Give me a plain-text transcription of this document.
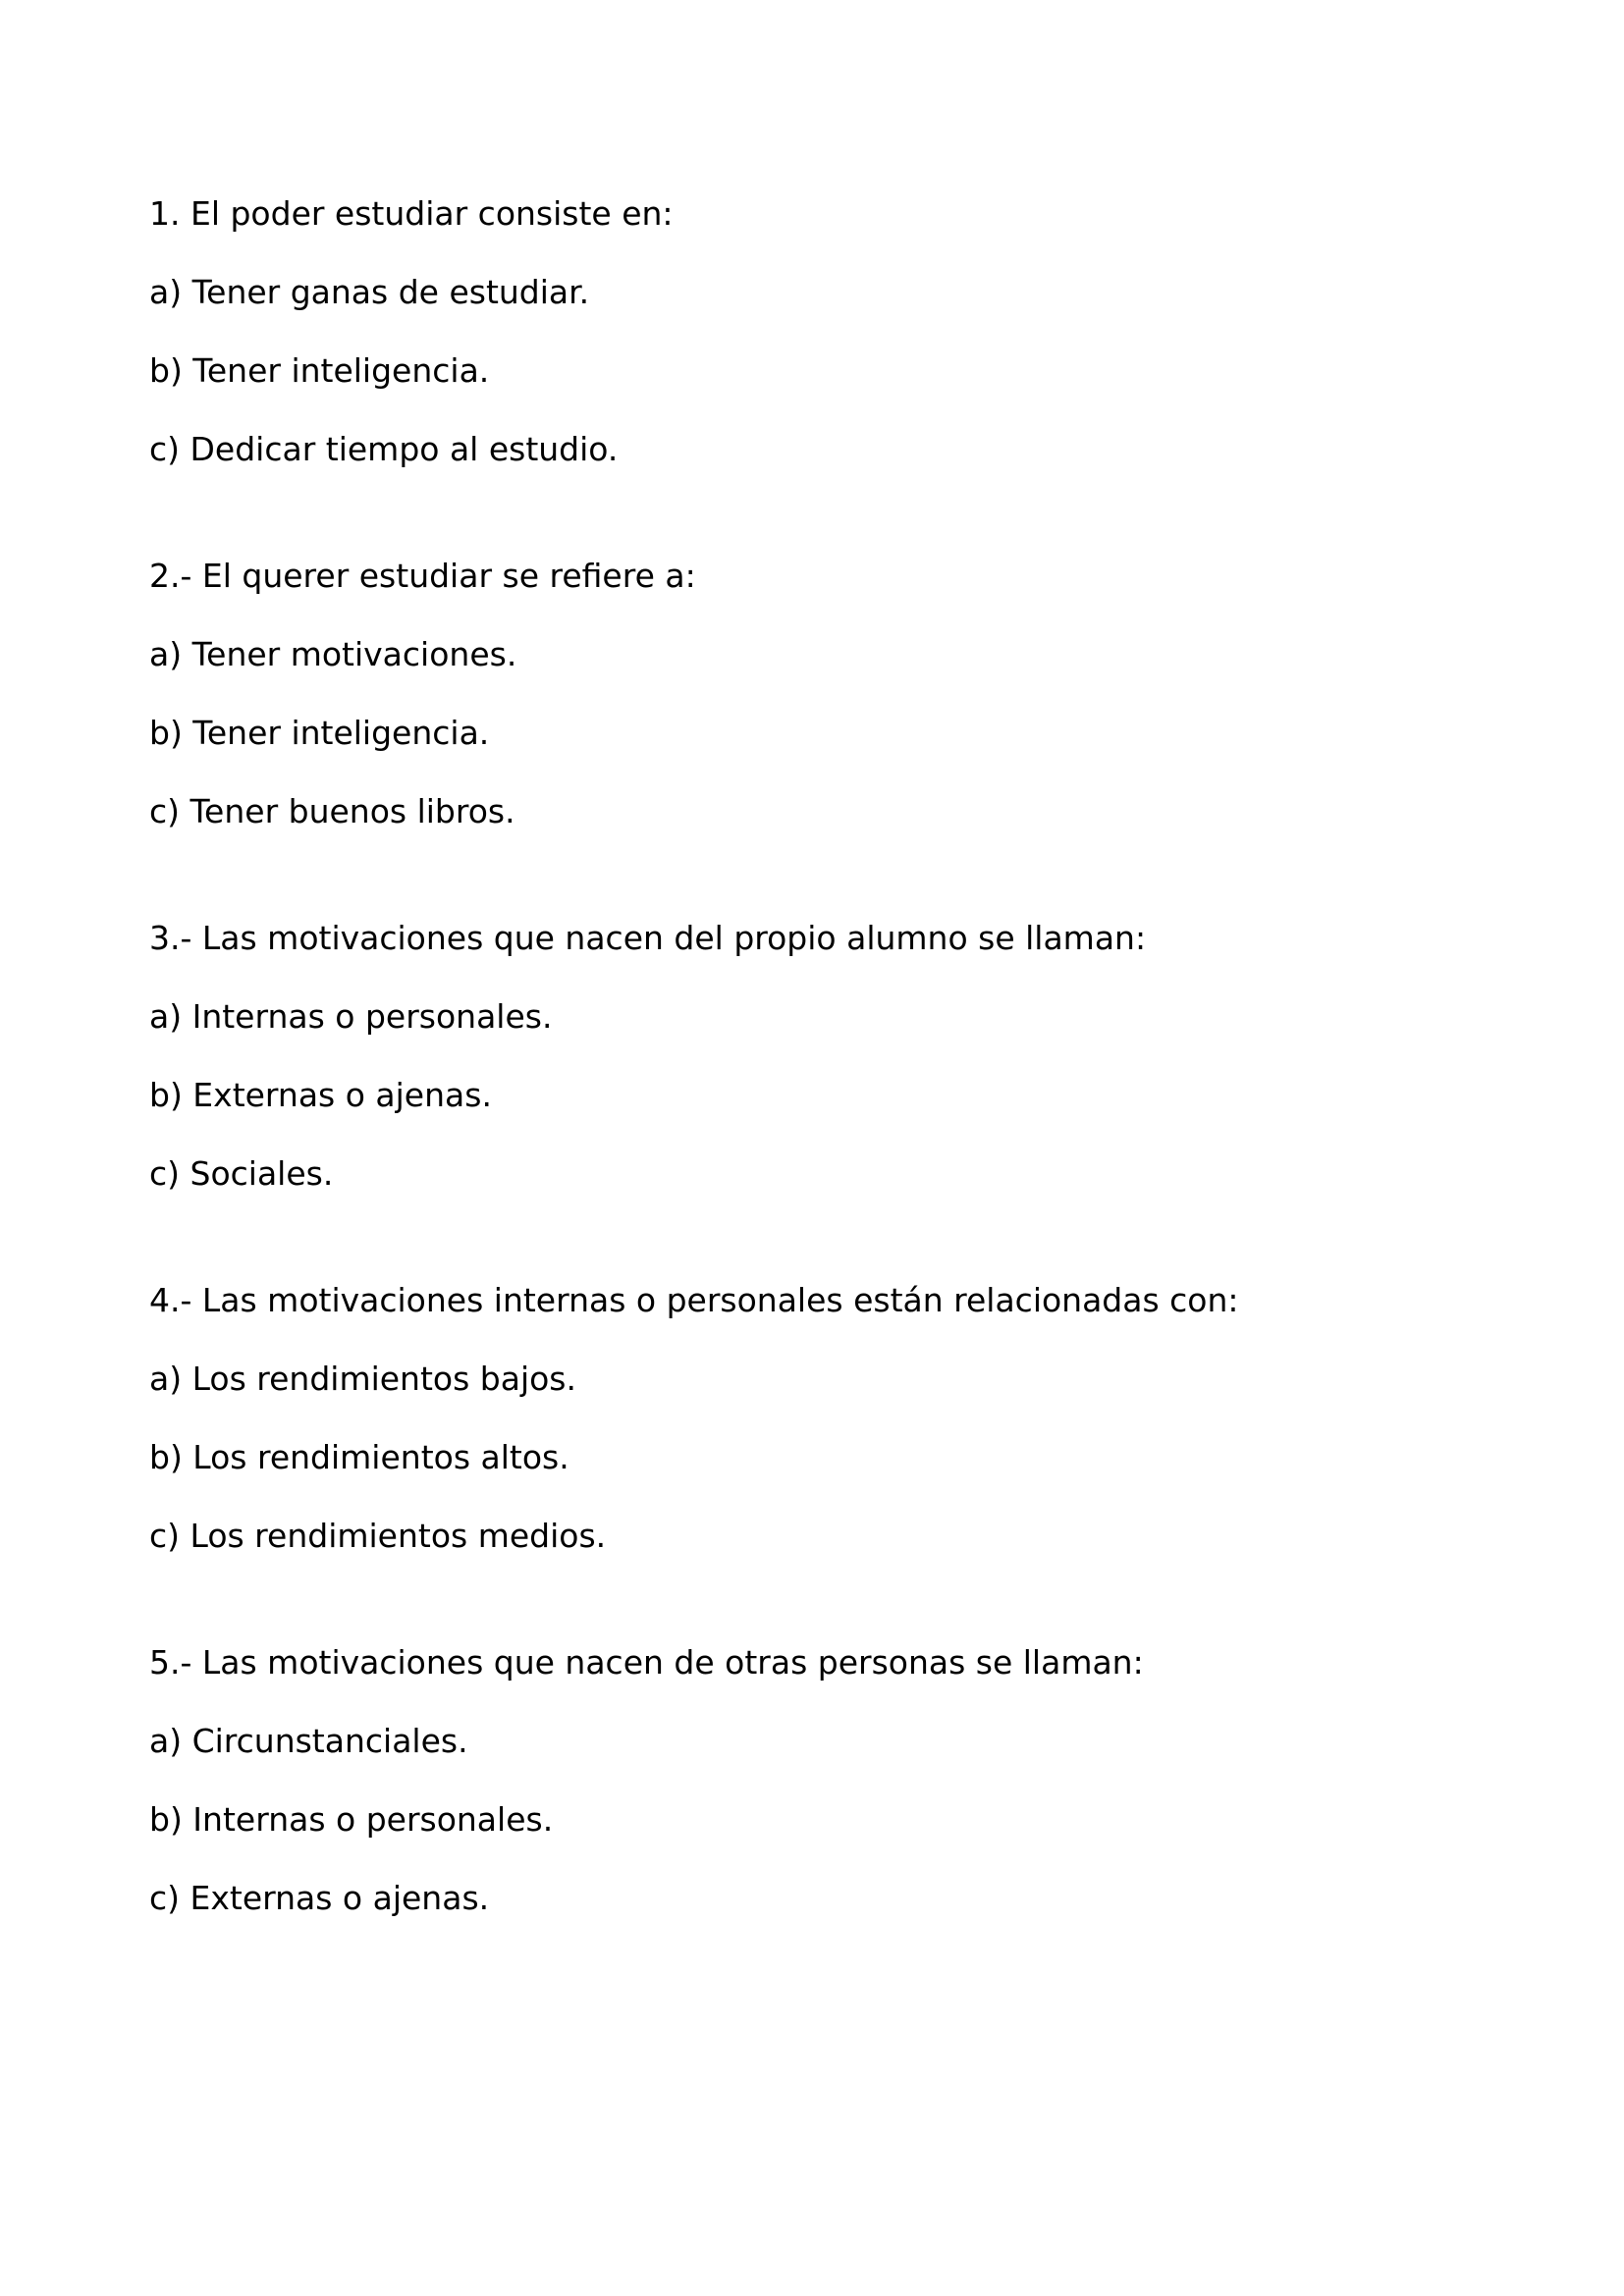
1. El poder estudiar consiste en:

a) Tener ganas de estudiar.

b) Tener inteligencia.

c) Dedicar tiempo al estudio.

2.- El querer estudiar se refiere a:

a) Tener motivaciones.

b) Tener inteligencia.

c) Tener buenos libros.

3.- Las motivaciones que nacen del propio alumno se llaman:

a) Internas o personales.

b) Externas o ajenas.

c) Sociales.

4.- Las motivaciones internas o personales están relacionadas con:

a) Los rendimientos bajos.

b) Los rendimientos altos.

c) Los rendimientos medios.

5.- Las motivaciones que nacen de otras personas se llaman:

a) Circunstanciales.

b) Internas o personales.

c) Externas o ajenas.
